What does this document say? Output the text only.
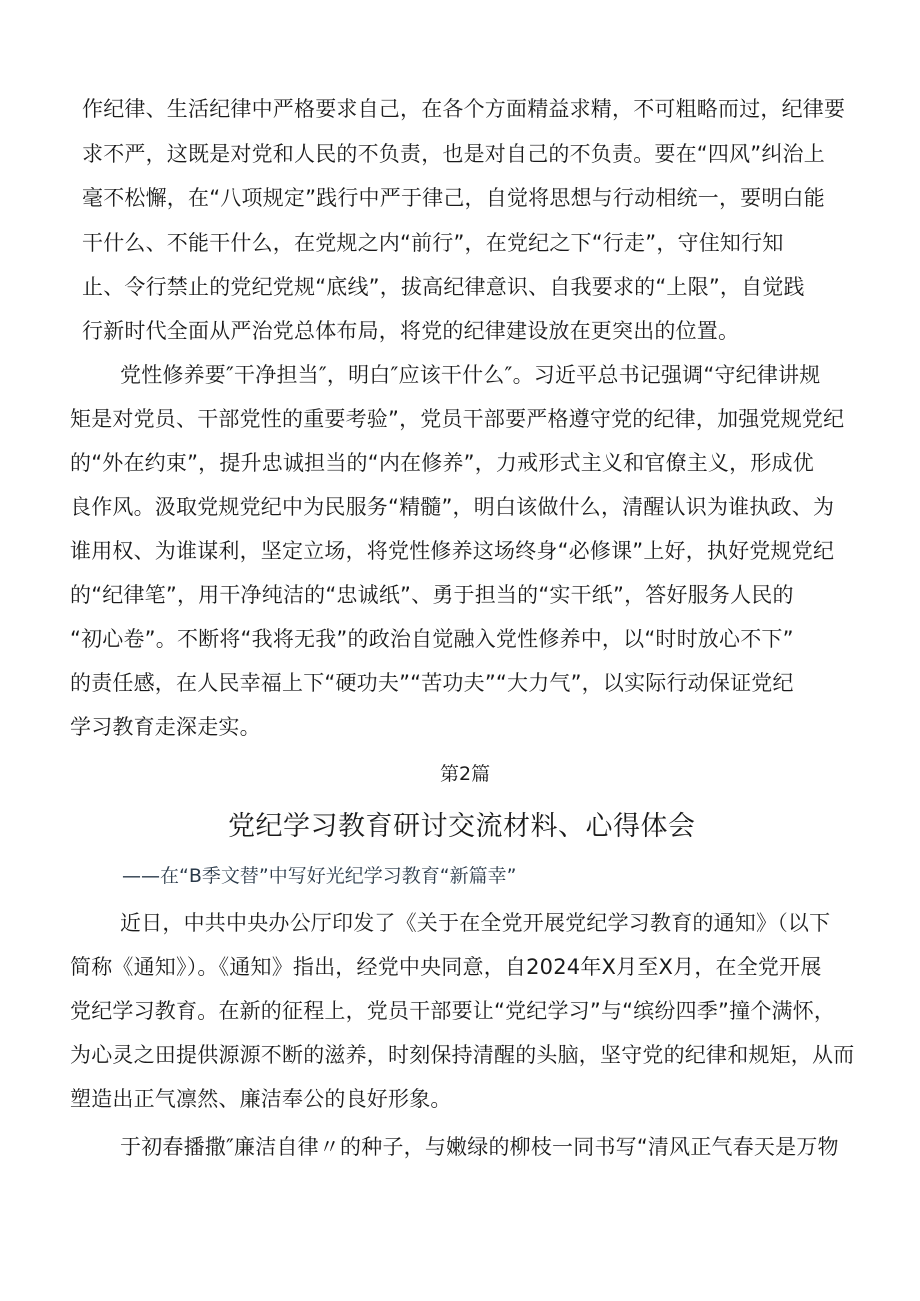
作纪律、生活纪律中严格要求自己，在各个方面精益求精，不可粗略而过，纪律要
求不严，这既是对党和人民的不负责，也是对自己的不负责。要在“四风”纠治上
毫不松懈，在“八项规定”践行中严于律己，自觉将思想与行动相统一，要明白能
干什么、不能干什么，在党规之内“前行”，在党纪之下“行走”，守住知行知
止、令行禁止的党纪党规“底线”，拔高纪律意识、自我要求的“上限”，自觉践
行新时代全面从严治党总体布局，将党的纪律建设放在更突出的位置。
党性修养要″干净担当″，明白″应该干什么″。习近平总书记强调“守纪律讲规
矩是对党员、干部党性的重要考验”，党员干部要严格遵守党的纪律，加强党规党纪
的“外在约束”，提升忠诚担当的“内在修养”，力戒形式主义和官僚主义，形成优
良作风。汲取党规党纪中为民服务“精髓”，明白该做什么，清醒认识为谁执政、为
谁用权、为谁谋利，坚定立场，将党性修养这场终身“必修课”上好，执好党规党纪
的“纪律笔”，用干净纯洁的“忠诚纸”、勇于担当的“实干纸”，答好服务人民的
“初心卷”。不断将“我将无我”的政治自觉融入党性修养中，以“时时放心不下”
的责任感，在人民幸福上下“硬功夫”“苦功夫”“大力气”，以实际行动保证党纪
学习教育走深走实。
第2篇
党纪学习教育研讨交流材料、心得体会
——在“B季文替”中写好光纪学习教育“新篇幸”
近日，中共中央办公厅印发了《关于在全党开展党纪学习教育的通知》（以下
简称《通知》）。《通知》指出，经党中央同意，自2024年X月至X月，在全党开展
党纪学习教育。在新的征程上，党员干部要让“党纪学习”与“缤纷四季”撞个满怀，
为心灵之田提供源源不断的滋养，时刻保持清醒的头脑，坚守党的纪律和规矩，从而
塑造出正气凛然、廉洁奉公的良好形象。
于初春播撒″廉洁自律〃的种子，与嫩绿的柳枝一同书写“清风正气春天是万物
